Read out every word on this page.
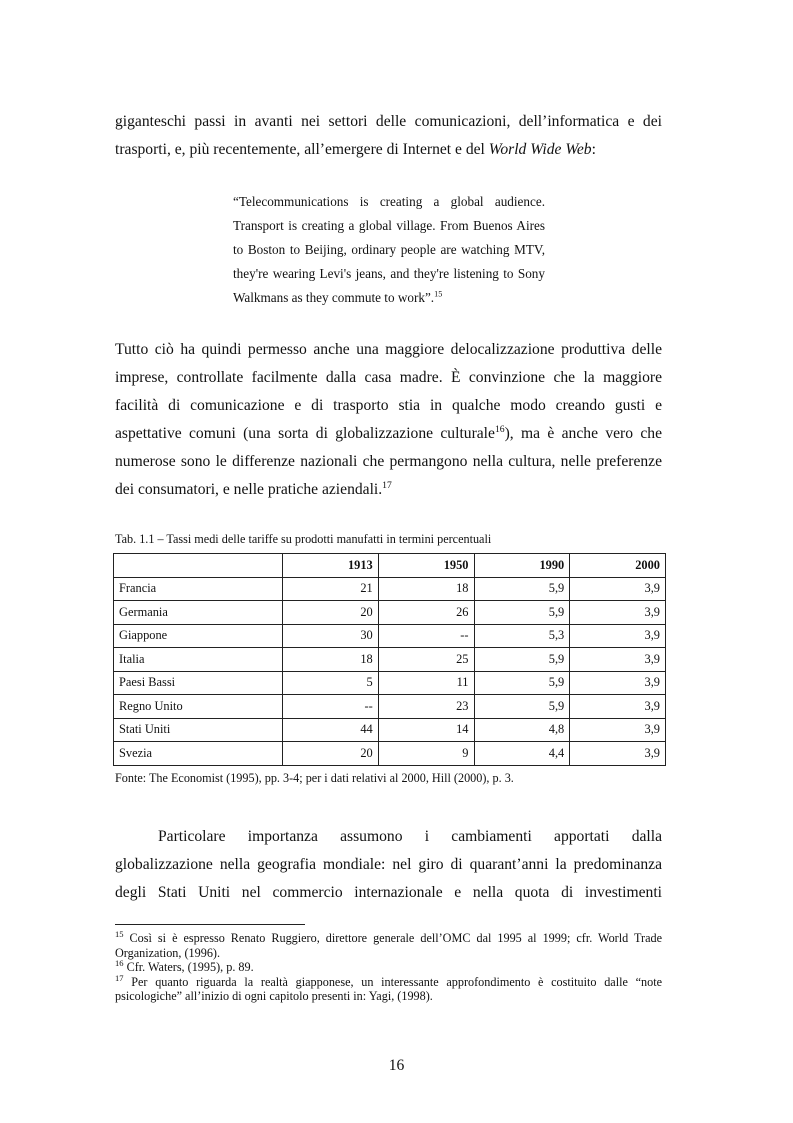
giganteschi passi in avanti nei settori delle comunicazioni, dell’informatica e dei
trasporti, e, più recentemente, all’emergere di Internet e del World Wide Web:

“Telecommunications is creating a global audience.
Transport is creating a global village. From Buenos Aires
to Boston to Beijing, ordinary people are watching MTV,
they're wearing Levi's jeans, and they're listening to Sony
Walkmans as they commute to work”.$^{15}$

Tutto ciò ha quindi permesso anche una maggiore delocalizzazione produttiva delle
imprese, controllate facilmente dalla casa madre. È convinzione che la maggiore
facilità di comunicazione e di trasporto stia in qualche modo creando gusti e
aspettative comuni (una sorta di globalizzazione culturale$^{16}$), ma è anche vero che
numerose sono le differenze nazionali che permangono nella cultura, nelle preferenze
dei consumatori, e nelle pratiche aziendali.$^{17}$

Tab. 1.1 – Tassi medi delle tariffe su prodotti manufatti in termini percentuali

	1913	1950	1990	2000
Francia	21	18	5,9	3,9
Germania	20	26	5,9	3,9
Giappone	30	--	5,3	3,9
Italia	18	25	5,9	3,9
Paesi Bassi	5	11	5,9	3,9
Regno Unito	--	23	5,9	3,9
Stati Uniti	44	14	4,8	3,9
Svezia	20	9	4,4	3,9

Fonte: The Economist (1995), pp. 3-4; per i dati relativi al 2000, Hill (2000), p. 3.

Particolare importanza assumono i cambiamenti apportati dalla
globalizzazione nella geografia mondiale: nel giro di quarant’anni la predominanza
degli Stati Uniti nel commercio internazionale e nella quota di investimenti

$^{15}$ Così si è espresso Renato Ruggiero, direttore generale dell’OMC dal 1995 al 1999; cfr. World Trade Organization, (1996).
$^{16}$ Cfr. Waters, (1995), p. 89.
$^{17}$ Per quanto riguarda la realtà giapponese, un interessante approfondimento è costituito dalle “note psicologiche” all’inizio di ogni capitolo presenti in: Yagi, (1998).
16
